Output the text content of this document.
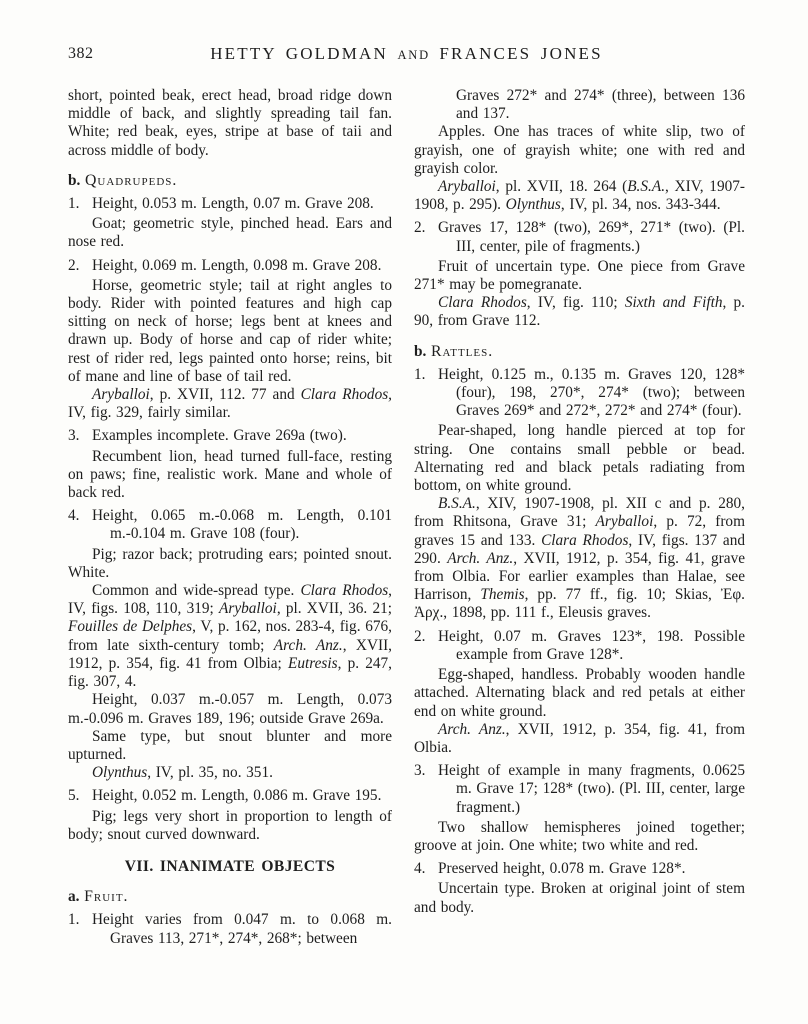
382	HETTY GOLDMAN AND FRANCES JONES

short, pointed beak, erect head, broad ridge down middle of back, and slightly spreading tail fan. White; red beak, eyes, stripe at base of taii and across middle of body.

b. Quadrupeds.

1. Height, 0.053 m. Length, 0.07 m. Grave 208.

Goat; geometric style, pinched head. Ears and nose red.

2. Height, 0.069 m. Length, 0.098 m. Grave 208.

Horse, geometric style; tail at right angles to body. Rider with pointed features and high cap sitting on neck of horse; legs bent at knees and drawn up. Body of horse and cap of rider white; rest of rider red, legs painted onto horse; reins, bit of mane and line of base of tail red.

Aryballoi, p. XVII, 112. 77 and Clara Rhodos, IV, fig. 329, fairly similar.

3. Examples incomplete. Grave 269a (two).

Recumbent lion, head turned full-face, resting on paws; fine, realistic work. Mane and whole of back red.

4. Height, 0.065 m.-0.068 m. Length, 0.101 m.-0.104 m. Grave 108 (four).

Pig; razor back; protruding ears; pointed snout. White.

Common and wide-spread type. Clara Rhodos, IV, figs. 108, 110, 319; Aryballoi, pl. XVII, 36. 21; Fouilles de Delphes, V, p. 162, nos. 283-4, fig. 676, from late sixth-century tomb; Arch. Anz., XVII, 1912, p. 354, fig. 41 from Olbia; Eutresis, p. 247, fig. 307, 4.

Height, 0.037 m.-0.057 m. Length, 0.073 m.-0.096 m. Graves 189, 196; outside Grave 269a.

Same type, but snout blunter and more upturned.

Olynthus, IV, pl. 35, no. 351.

5. Height, 0.052 m. Length, 0.086 m. Grave 195.

Pig; legs very short in proportion to length of body; snout curved downward.

VII. INANIMATE OBJECTS

a. Fruit.

1. Height varies from 0.047 m. to 0.068 m. Graves 113, 271*, 274*, 268*; between

Graves 272* and 274* (three), between 136 and 137.

Apples. One has traces of white slip, two of grayish, one of grayish white; one with red and grayish color.

Aryballoi, pl. XVII, 18. 264 (B.S.A., XIV, 1907-1908, p. 295). Olynthus, IV, pl. 34, nos. 343-344.

2. Graves 17, 128* (two), 269*, 271* (two). (Pl. III, center, pile of fragments.)

Fruit of uncertain type. One piece from Grave 271* may be pomegranate.

Clara Rhodos, IV, fig. 110; Sixth and Fifth, p. 90, from Grave 112.

b. Rattles.

1. Height, 0.125 m., 0.135 m. Graves 120, 128* (four), 198, 270*, 274* (two); between Graves 269* and 272*, 272* and 274* (four).

Pear-shaped, long handle pierced at top for string. One contains small pebble or bead. Alternating red and black petals radiating from bottom, on white ground.

B.S.A., XIV, 1907-1908, pl. XII c and p. 280, from Rhitsona, Grave 31; Aryballoi, p. 72, from graves 15 and 133. Clara Rhodos, IV, figs. 137 and 290. Arch. Anz., XVII, 1912, p. 354, fig. 41, grave from Olbia. For earlier examples than Halae, see Harrison, Themis, pp. 77 ff., fig. 10; Skias, Ἐφ. Ἀρχ., 1898, pp. 111 f., Eleusis graves.

2. Height, 0.07 m. Graves 123*, 198. Possible example from Grave 128*.

Egg-shaped, handless. Probably wooden handle attached. Alternating black and red petals at either end on white ground.

Arch. Anz., XVII, 1912, p. 354, fig. 41, from Olbia.

3. Height of example in many fragments, 0.0625 m. Grave 17; 128* (two). (Pl. III, center, large fragment.)

Two shallow hemispheres joined together; groove at join. One white; two white and red.

4. Preserved height, 0.078 m. Grave 128*.

Uncertain type. Broken at original joint of stem and body.
